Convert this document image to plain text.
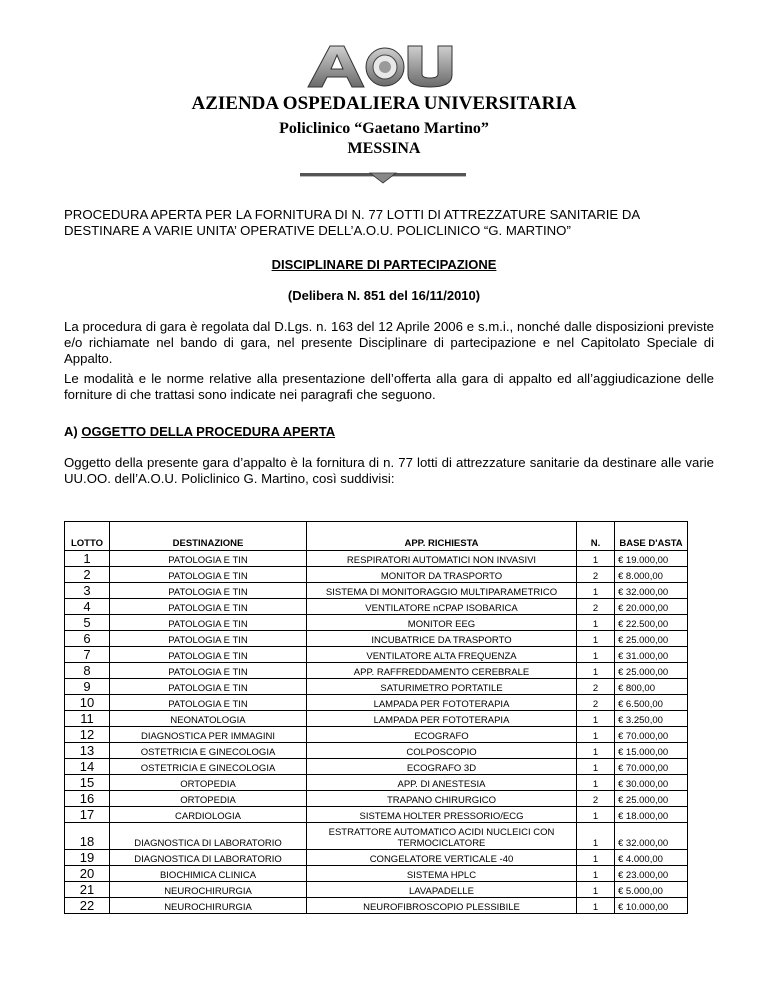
AZIENDA OSPEDALIERA UNIVERSITARIA
Policlinico “Gaetano Martino”
MESSINA
PROCEDURA APERTA PER LA FORNITURA DI N. 77 LOTTI DI ATTREZZATURE SANITARIE DA DESTINARE A VARIE UNITA’ OPERATIVE DELL’A.O.U. POLICLINICO “G. MARTINO”
DISCIPLINARE DI PARTECIPAZIONE
(Delibera N. 851 del 16/11/2010)
La procedura di gara è regolata dal D.Lgs. n. 163 del 12 Aprile 2006 e s.m.i., nonché dalle disposizioni previste e/o richiamate nel bando di gara, nel presente Disciplinare di partecipazione e nel Capitolato Speciale di Appalto.
Le modalità e le norme relative alla presentazione dell’offerta alla gara di appalto ed all’aggiudicazione delle forniture di che trattasi sono indicate nei paragrafi che seguono.
A) OGGETTO DELLA PROCEDURA APERTA
Oggetto della presente gara d’appalto è la fornitura di n. 77 lotti di attrezzature sanitarie da destinare alle varie UU.OO. dell’A.O.U. Policlinico G. Martino, così suddivisi:
LOTTO	DESTINAZIONE	APP. RICHIESTA	N.	BASE D'ASTA
1	PATOLOGIA E TIN	RESPIRATORI AUTOMATICI NON INVASIVI	1	€ 19.000,00
2	PATOLOGIA E TIN	MONITOR DA TRASPORTO	2	€ 8.000,00
3	PATOLOGIA E TIN	SISTEMA DI MONITORAGGIO MULTIPARAMETRICO	1	€ 32.000,00
4	PATOLOGIA E TIN	VENTILATORE nCPAP ISOBARICA	2	€ 20.000,00
5	PATOLOGIA E TIN	MONITOR EEG	1	€ 22.500,00
6	PATOLOGIA E TIN	INCUBATRICE DA TRASPORTO	1	€ 25.000,00
7	PATOLOGIA E TIN	VENTILATORE ALTA FREQUENZA	1	€ 31.000,00
8	PATOLOGIA E TIN	APP. RAFFREDDAMENTO CEREBRALE	1	€ 25.000,00
9	PATOLOGIA E TIN	SATURIMETRO PORTATILE	2	€ 800,00
10	PATOLOGIA E TIN	LAMPADA PER FOTOTERAPIA	2	€ 6.500,00
11	NEONATOLOGIA	LAMPADA PER FOTOTERAPIA	1	€ 3.250,00
12	DIAGNOSTICA PER IMMAGINI	ECOGRAFO	1	€ 70.000,00
13	OSTETRICIA E GINECOLOGIA	COLPOSCOPIO	1	€ 15.000,00
14	OSTETRICIA E GINECOLOGIA	ECOGRAFO 3D	1	€ 70.000,00
15	ORTOPEDIA	APP. DI ANESTESIA	1	€ 30.000,00
16	ORTOPEDIA	TRAPANO CHIRURGICO	2	€ 25.000,00
17	CARDIOLOGIA	SISTEMA HOLTER PRESSORIO/ECG	1	€ 18.000,00
18	DIAGNOSTICA DI LABORATORIO	ESTRATTORE AUTOMATICO ACIDI NUCLEICI CON TERMOCICLATORE	1	€ 32.000,00
19	DIAGNOSTICA DI LABORATORIO	CONGELATORE VERTICALE -40	1	€ 4.000,00
20	BIOCHIMICA CLINICA	SISTEMA HPLC	1	€ 23.000,00
21	NEUROCHIRURGIA	LAVAPADELLE	1	€ 5.000,00
22	NEUROCHIRURGIA	NEUROFIBROSCOPIO PLESSIBILE	1	€ 10.000,00
